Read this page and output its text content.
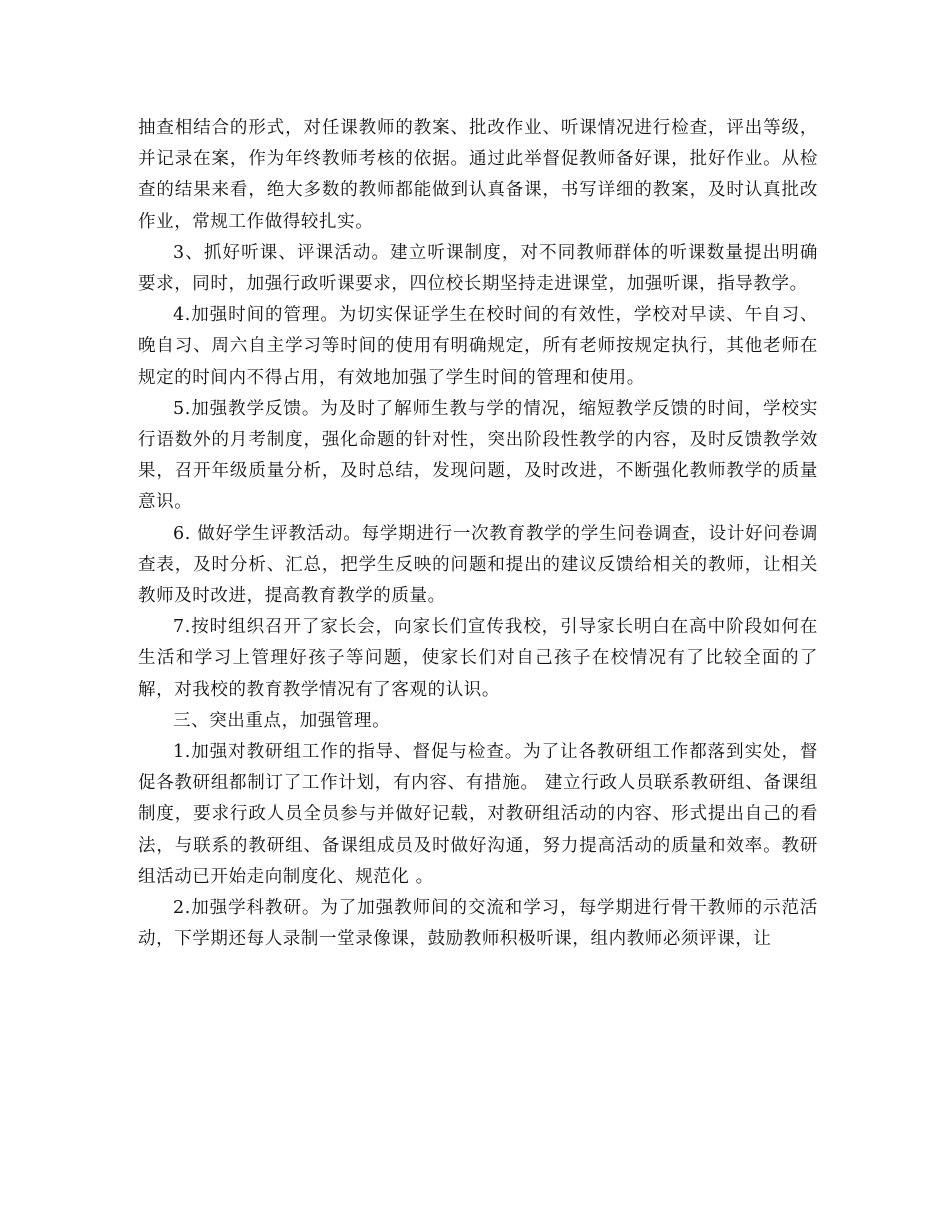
抽查相结合的形式，对任课教师的教案、批改作业、听课情况进行检查，评出等级，并记录在案，作为年终教师考核的依据。通过此举督促教师备好课，批好作业。从检查的结果来看，绝大多数的教师都能做到认真备课，书写详细的教案，及时认真批改作业，常规工作做得较扎实。

3、抓好听课、评课活动。建立听课制度，对不同教师群体的听课数量提出明确要求，同时，加强行政听课要求，四位校长期坚持走进课堂，加强听课，指导教学。

4.加强时间的管理。为切实保证学生在校时间的有效性，学校对早读、午自习、晚自习、周六自主学习等时间的使用有明确规定，所有老师按规定执行，其他老师在规定的时间内不得占用，有效地加强了学生时间的管理和使用。

5.加强教学反馈。为及时了解师生教与学的情况，缩短教学反馈的时间，学校实行语数外的月考制度，强化命题的针对性，突出阶段性教学的内容，及时反馈教学效果，召开年级质量分析，及时总结，发现问题，及时改进，不断强化教师教学的质量意识。

6. 做好学生评教活动。每学期进行一次教育教学的学生问卷调查，设计好问卷调查表，及时分析、汇总，把学生反映的问题和提出的建议反馈给相关的教师，让相关教师及时改进，提高教育教学的质量。

7.按时组织召开了家长会，向家长们宣传我校，引导家长明白在高中阶段如何在生活和学习上管理好孩子等问题，使家长们对自己孩子在校情况有了比较全面的了解，对我校的教育教学情况有了客观的认识。

三、突出重点，加强管理。

1.加强对教研组工作的指导、督促与检查。为了让各教研组工作都落到实处，督促各教研组都制订了工作计划，有内容、有措施。 建立行政人员联系教研组、备课组制度，要求行政人员全员参与并做好记载，对教研组活动的内容、形式提出自己的看法，与联系的教研组、备课组成员及时做好沟通，努力提高活动的质量和效率。教研组活动已开始走向制度化、规范化 。

2.加强学科教研。为了加强教师间的交流和学习，每学期进行骨干教师的示范活动，下学期还每人录制一堂录像课，鼓励教师积极听课，组内教师必须评课，让
